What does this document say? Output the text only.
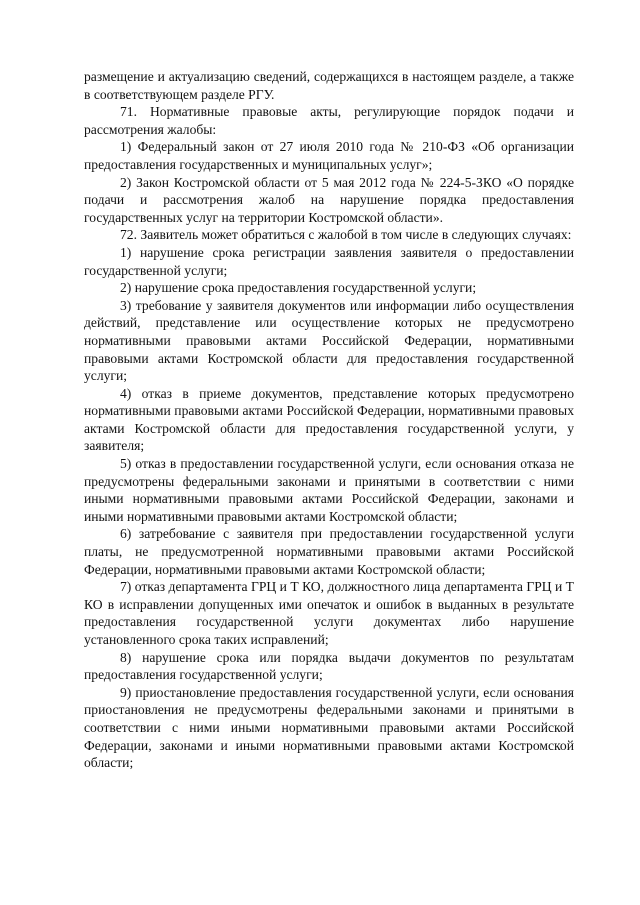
размещение и актуализацию сведений, содержащихся в настоящем разделе, а также в соответствующем разделе РГУ.

71. Нормативные правовые акты, регулирующие порядок подачи и рассмотрения жалобы:

1) Федеральный закон от 27 июля 2010 года № 210-ФЗ «Об организации предоставления государственных и муниципальных услуг»;

2) Закон Костромской области от 5 мая 2012 года № 224-5-ЗКО «О порядке подачи и рассмотрения жалоб на нарушение порядка предоставления государственных услуг на территории Костромской области».

72. Заявитель может обратиться с жалобой в том числе в следующих случаях:

1) нарушение срока регистрации заявления заявителя о предоставлении государственной услуги;

2) нарушение срока предоставления государственной услуги;

3) требование у заявителя документов или информации либо осуществления действий, представление или осуществление которых не предусмотрено нормативными правовыми актами Российской Федерации, нормативными правовыми актами Костромской области для предоставления государственной услуги;

4) отказ в приеме документов, представление которых предусмотрено нормативными правовыми актами Российской Федерации, нормативными правовых актами Костромской области для предоставления государственной услуги, у заявителя;

5) отказ в предоставлении государственной услуги, если основания отказа не предусмотрены федеральными законами и принятыми в соответствии с ними иными нормативными правовыми актами Российской Федерации, законами и иными нормативными правовыми актами Костромской области;

6) затребование с заявителя при предоставлении государственной услуги платы, не предусмотренной нормативными правовыми актами Российской Федерации, нормативными правовыми актами Костромской области;

7) отказ департамента ГРЦ и Т КО, должностного лица департамента ГРЦ и Т КО в исправлении допущенных ими опечаток и ошибок в выданных в результате предоставления государственной услуги документах либо нарушение установленного срока таких исправлений;

8) нарушение срока или порядка выдачи документов по результатам предоставления государственной услуги;

9) приостановление предоставления государственной услуги, если основания приостановления не предусмотрены федеральными законами и принятыми в соответствии с ними иными нормативными правовыми актами Российской Федерации, законами и иными нормативными правовыми актами Костромской области;
